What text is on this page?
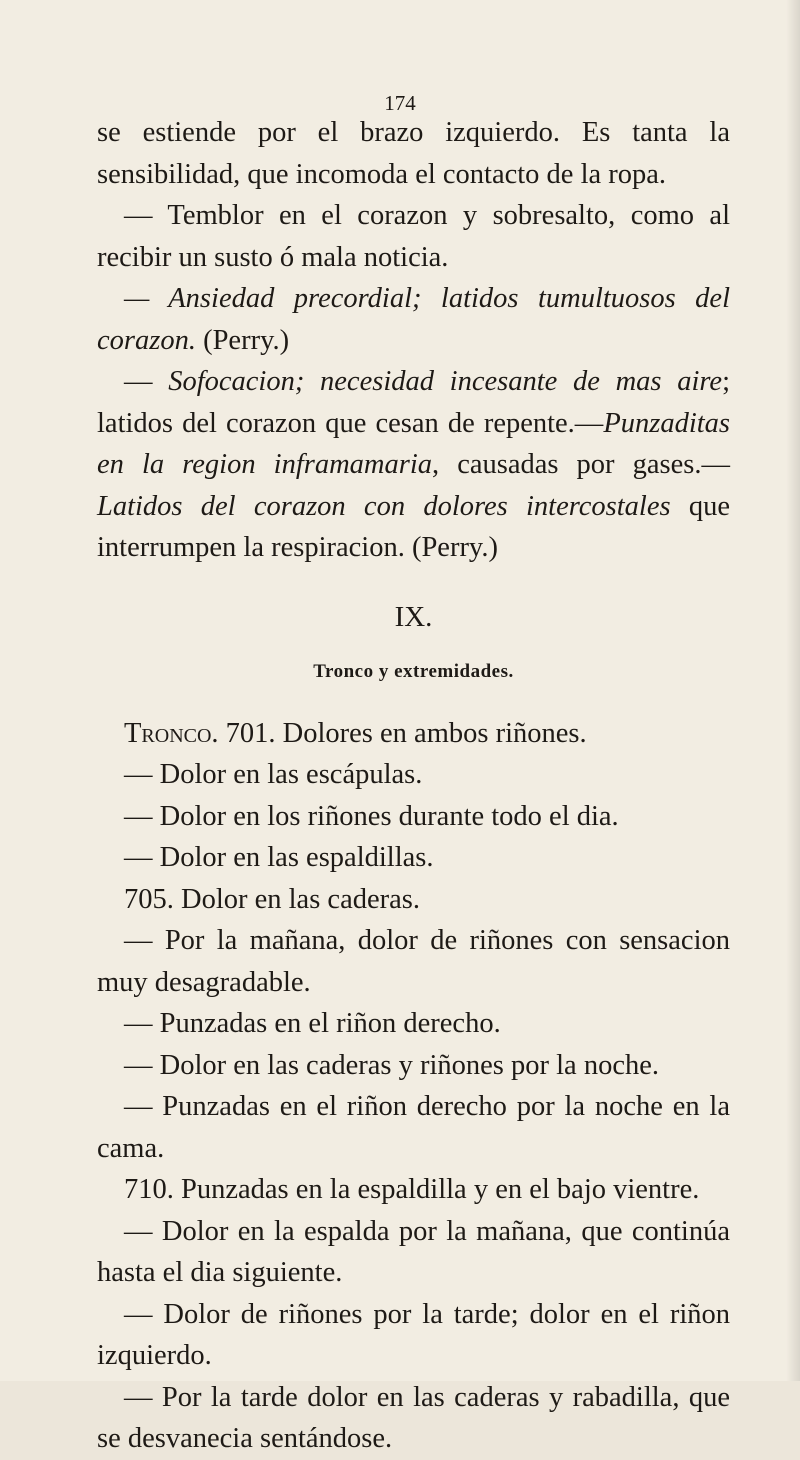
174

se estiende por el brazo izquierdo. Es tanta la sensibilidad, que incomoda el contacto de la ropa.

— Temblor en el corazon y sobresalto, como al recibir un susto ó mala noticia.

— Ansiedad precordial; latidos tumultuosos del corazon. (Perry.)

— Sofocacion; necesidad incesante de mas aire; latidos del corazon que cesan de repente.—Punzaditas en la region inframamaria, causadas por gases.—Latidos del corazon con dolores intercostales que interrumpen la respiracion. (Perry.)

IX.
Tronco y extremidades.

Tronco. 701. Dolores en ambos riñones.

— Dolor en las escápulas.

— Dolor en los riñones durante todo el dia.

— Dolor en las espaldillas.

705. Dolor en las caderas.

— Por la mañana, dolor de riñones con sensacion muy desagradable.

— Punzadas en el riñon derecho.

— Dolor en las caderas y riñones por la noche.

— Punzadas en el riñon derecho por la noche en la cama.

710. Punzadas en la espaldilla y en el bajo vientre.

— Dolor en la espalda por la mañana, que continúa hasta el dia siguiente.

— Dolor de riñones por la tarde; dolor en el riñon izquierdo.

— Por la tarde dolor en las caderas y rabadilla, que se desvanecia sentándose.
